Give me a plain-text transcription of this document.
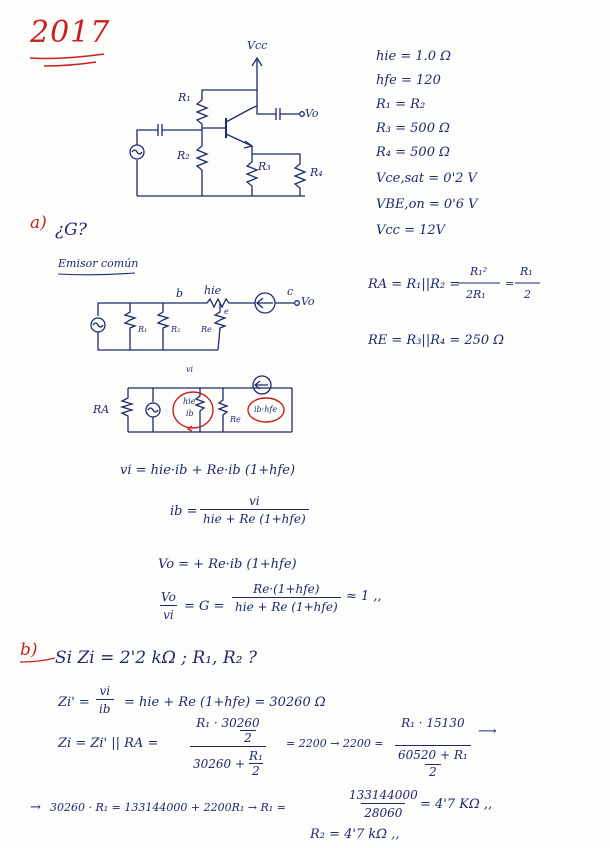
2017	Vcc
R₁
R₂
R₃	R₄
Vo
hie = 1.0 Ω
hfe = 120
R₁ = R₂
R₃ = 500 Ω
R₄ = 500 Ω
Vce,sat = 0'2 V
VBE,on = 0'6 V
Vcc = 12V
a) ¿G?
Emisor común
b hie
e
c
Vo
R₁	R₂	Re
RA = R₁||R₂ =
R₁²
2R₁
=
R₁
2
RE = R₃||R₄ = 250 Ω
vi
RA
hie
ib
Re
ib·hfe
vi = hie·ib + Re·ib (1+hfe)
ib =
vi
hie + Re (1+hfe)
Vo = + Re·ib (1+hfe)
$\frac{Vo}{vi} = G$ =
Re·(1+hfe)
hie + Re (1+hfe)
≈ 1 ,,
b) Si Zi = 2'2 kΩ ; R₁, R₂ ?
$Zi' = \frac{vi}{ib}$ = hie + Re (1+hfe) = 30260 Ω
Zi = Zi' || RA =	R₁ · 30260
2
$30260 + \frac{\text{R₁}}{2} = 2200 \to 2200 = R_1 \cdot 15130$
60520 + R₁
2 ⟶
→ 30260 · R₁ = 133144000 + 2200R₁ → R₁ =	$\frac{133144000}{28060} = 4'7$ KΩ ,,
R₂ = 4'7 kΩ ,,
